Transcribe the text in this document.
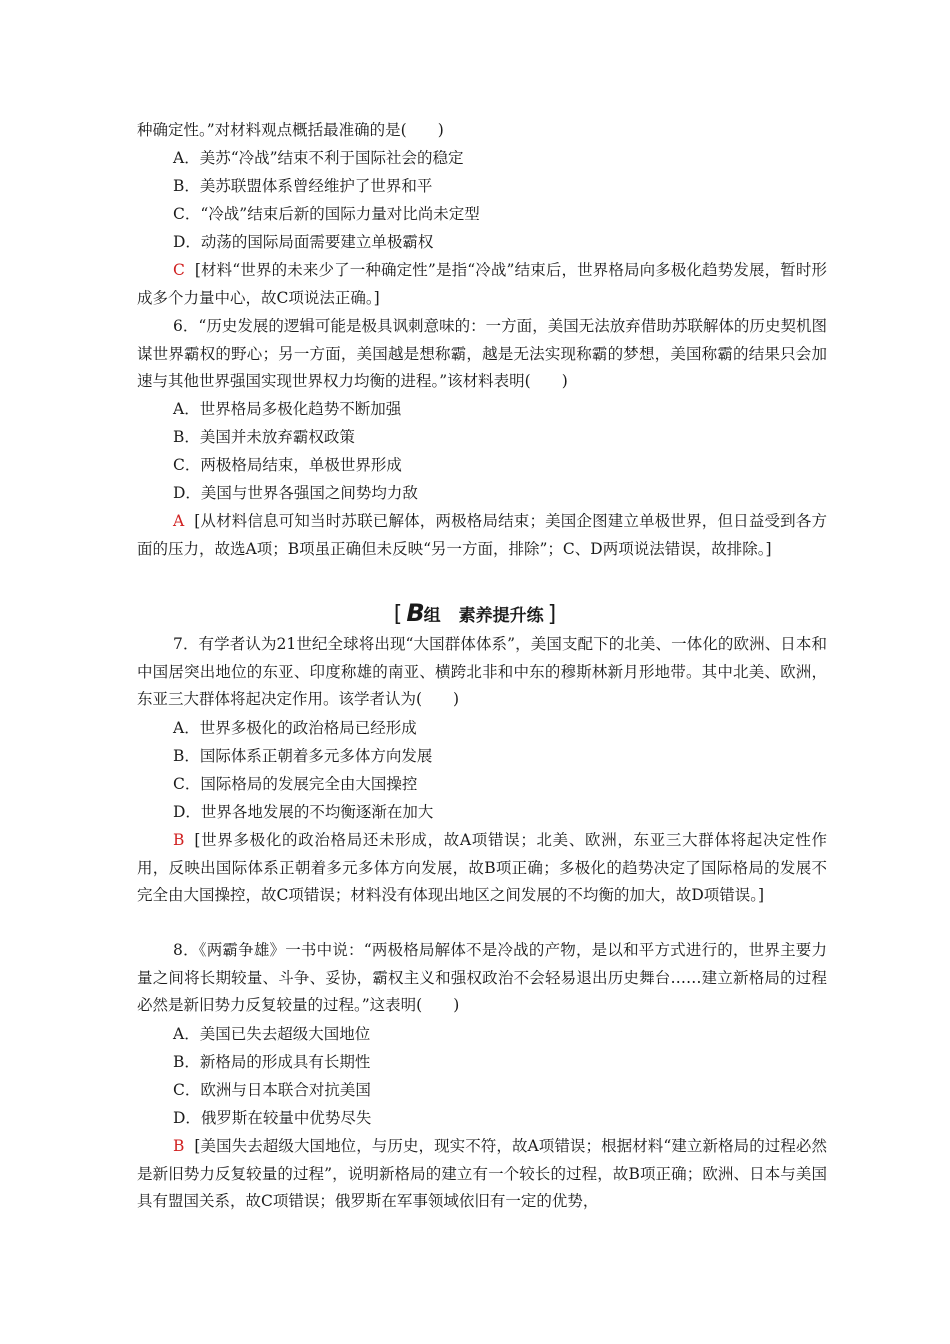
种确定性。”对材料观点概括最准确的是(　　)

A．美苏“冷战”结束不利于国际社会的稳定

B．美苏联盟体系曾经维护了世界和平

C．“冷战”结束后新的国际力量对比尚未定型

D．动荡的国际局面需要建立单极霸权

C [材料“世界的未来少了一种确定性”是指“冷战”结束后，世界格局向多极化趋势发展，暂时形成多个力量中心，故C项说法正确。]

6．“历史发展的逻辑可能是极具讽刺意味的：一方面，美国无法放弃借助苏联解体的历史契机图谋世界霸权的野心；另一方面，美国越是想称霸，越是无法实现称霸的梦想，美国称霸的结果只会加速与其他世界强国实现世界权力均衡的进程。”该材料表明(　　)

A．世界格局多极化趋势不断加强

B．美国并未放弃霸权政策

C．两极格局结束，单极世界形成

D．美国与世界各强国之间势均力敌

A [从材料信息可知当时苏联已解体，两极格局结束；美国企图建立单极世界，但日益受到各方面的压力，故选A项；B项虽正确但未反映“另一方面，排除”；C、D两项说法错误，故排除。]

[ B组 素养提升练 ]

7．有学者认为21世纪全球将出现“大国群体体系”，美国支配下的北美、一体化的欧洲、日本和中国居突出地位的东亚、印度称雄的南亚、横跨北非和中东的穆斯林新月形地带。其中北美、欧洲，东亚三大群体将起决定作用。该学者认为(　　)

A．世界多极化的政治格局已经形成

B．国际体系正朝着多元多体方向发展

C．国际格局的发展完全由大国操控

D．世界各地发展的不均衡逐渐在加大

B [世界多极化的政治格局还未形成，故A项错误；北美、欧洲，东亚三大群体将起决定性作用，反映出国际体系正朝着多元多体方向发展，故B项正确；多极化的趋势决定了国际格局的发展不完全由大国操控，故C项错误；材料没有体现出地区之间发展的不均衡的加大，故D项错误。]

8．《两霸争雄》一书中说：“两极格局解体不是冷战的产物，是以和平方式进行的，世界主要力量之间将长期较量、斗争、妥协，霸权主义和强权政治不会轻易退出历史舞台……建立新格局的过程必然是新旧势力反复较量的过程。”这表明(　　)

A．美国已失去超级大国地位

B．新格局的形成具有长期性

C．欧洲与日本联合对抗美国

D．俄罗斯在较量中优势尽失

B [美国失去超级大国地位，与历史，现实不符，故A项错误；根据材料“建立新格局的过程必然是新旧势力反复较量的过程”，说明新格局的建立有一个较长的过程，故B项正确；欧洲、日本与美国具有盟国关系，故C项错误；俄罗斯在军事领域依旧有一定的优势，
